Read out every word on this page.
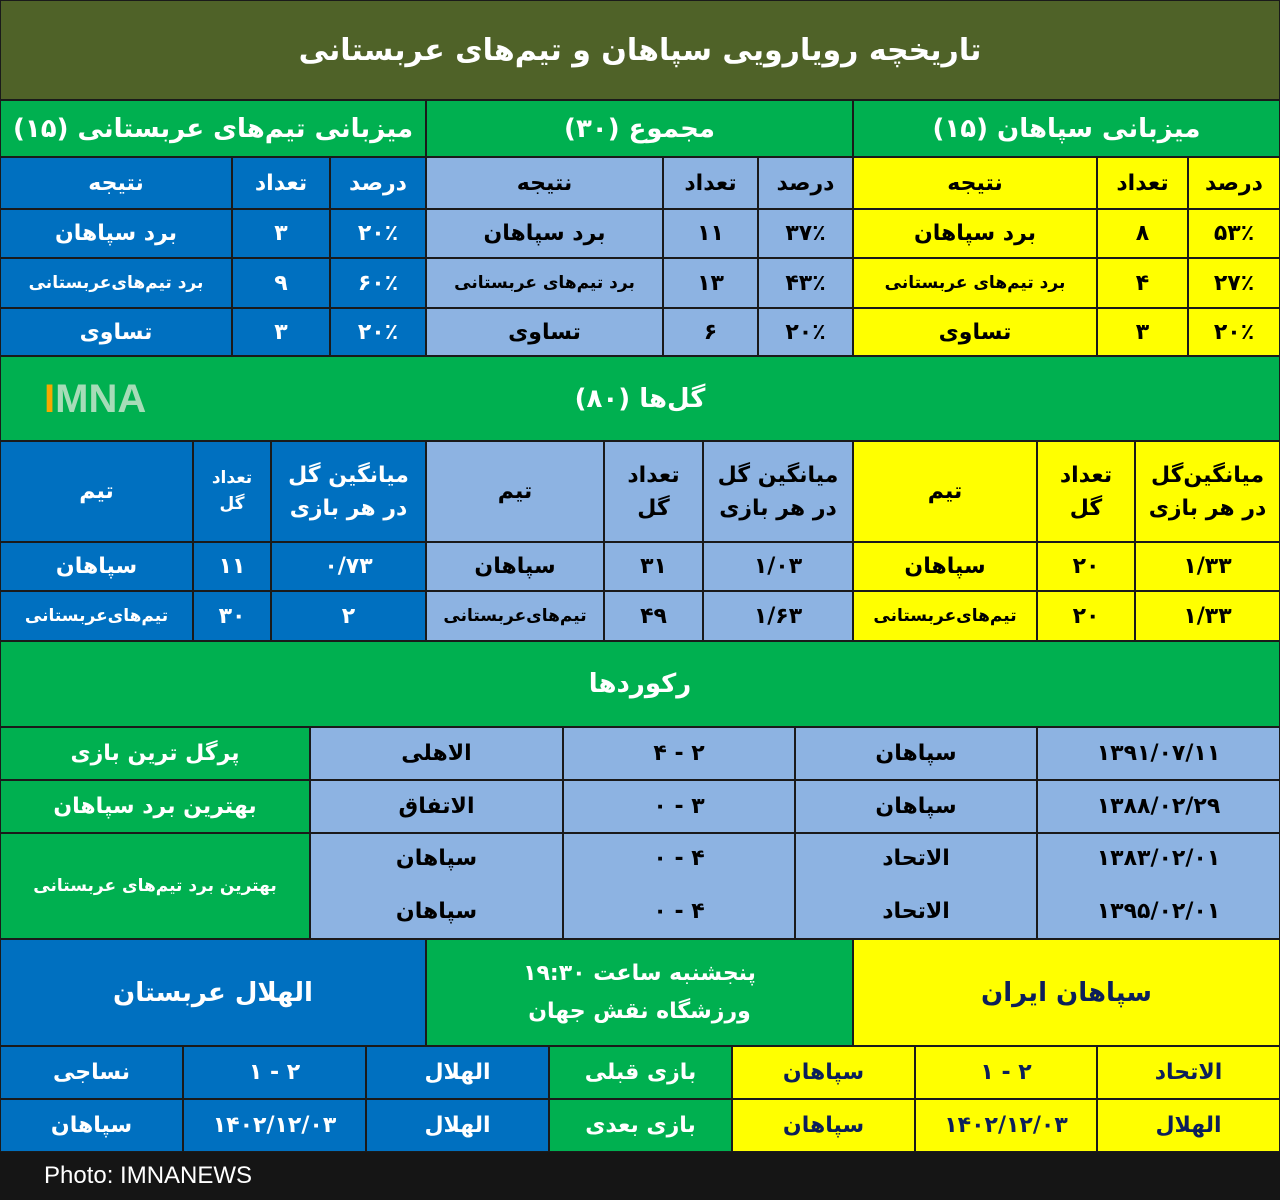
تاریخچه رویارویی سپاهان و تیم‌های عربستانی
میزبانی سپاهان (۱۵)
مجموع (۳۰)
میزبانی تیم‌های عربستانی (۱۵)
درصد
تعداد
نتیجه
۵۳٪
۸
برد سپاهان
۲۷٪
۴
برد تیم‌های عربستانی
۲۰٪
۳
تساوی
درصد
تعداد
نتیجه
۳۷٪
۱۱
برد سپاهان
۴۳٪
۱۳
برد تیم‌های عربستانی
۲۰٪
۶
تساوی
درصد
تعداد
نتیجه
۲۰٪
۳
برد سپاهان
۶۰٪
۹
برد تیم‌های‌عربستانی
۲۰٪
۳
تساوی
گل‌ها (۸۰)
IMNA
میانگین‌گل
در هر بازی
تعداد
گل
تیم
۱/۳۳
۲۰
سپاهان
۱/۳۳
۲۰
تیم‌های‌عربستانی
میانگین گل
در هر بازی
تعداد
گل
تیم
۱/۰۳
۳۱
سپاهان
۱/۶۳
۴۹
تیم‌های‌عربستانی
میانگین گل
در هر بازی
تعداد
گل
تیم
۰/۷۳
۱۱
سپاهان
۲
۳۰
تیم‌های‌عربستانی
رکوردها
۱۳۹۱/۰۷/۱۱
سپاهان
۲ - ۴
الاهلی
پرگل ترین بازی
۱۳۸۸/۰۲/۲۹
سپاهان
۳ - ۰
الاتفاق
بهترین برد سپاهان
۱۳۸۳/۰۲/۰۱
۱۳۹۵/۰۲/۰۱
الاتحاد
الاتحاد
۴ - ۰
۴ - ۰
سپاهان
سپاهان
بهترین برد تیم‌های عربستانی
سپاهان ایران
پنجشنبه ساعت ۱۹:۳۰
ورزشگاه نقش جهان
الهلال عربستان
الاتحاد
۲ - ۱
سپاهان
بازی قبلی
الهلال
۲ - ۱
نساجی
الهلال
۱۴۰۲/۱۲/۰۳
سپاهان
بازی بعدی
الهلال
۱۴۰۲/۱۲/۰۳
سپاهان
Photo: IMNANEWS
